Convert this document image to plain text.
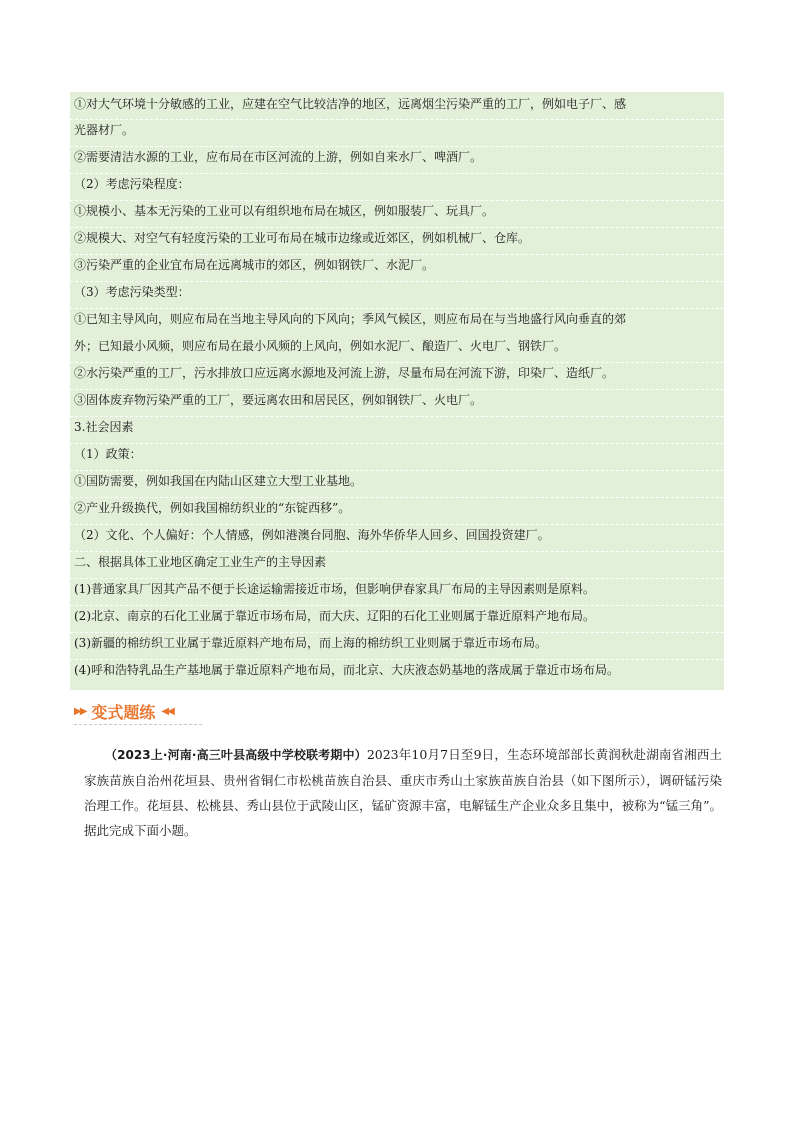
①对大气环境十分敏感的工业，应建在空气比较洁净的地区，远离烟尘污染严重的工厂，例如电子厂、感
光器材厂。
②需要清洁水源的工业，应布局在市区河流的上游，例如自来水厂、啤酒厂。
（2）考虑污染程度：
①规模小、基本无污染的工业可以有组织地布局在城区，例如服装厂、玩具厂。
②规模大、对空气有轻度污染的工业可布局在城市边缘或近郊区，例如机械厂、仓库。
③污染严重的企业宜布局在远离城市的郊区，例如钢铁厂、水泥厂。
（3）考虑污染类型：
①已知主导风向，则应布局在当地主导风向的下风向；季风气候区，则应布局在与当地盛行风向垂直的郊
外；已知最小风频，则应布局在最小风频的上风向，例如水泥厂、酿造厂、火电厂、钢铁厂。
②水污染严重的工厂，污水排放口应远离水源地及河流上游，尽量布局在河流下游，印染厂、造纸厂。
③固体废弃物污染严重的工厂，要远离农田和居民区，例如钢铁厂、火电厂。
3.社会因素
（1）政策：
①国防需要，例如我国在内陆山区建立大型工业基地。
②产业升级换代，例如我国棉纺织业的“东锭西移”。
（2）文化、个人偏好：个人情感，例如港澳台同胞、海外华侨华人回乡、回国投资建厂。
二、根据具体工业地区确定工业生产的主导因素
(1)普通家具厂因其产品不便于长途运输需接近市场，但影响伊春家具厂布局的主导因素则是原料。
(2)北京、南京的石化工业属于靠近市场布局，而大庆、辽阳的石化工业则属于靠近原料产地布局。
(3)新疆的棉纺织工业属于靠近原料产地布局，而上海的棉纺织工业则属于靠近市场布局。
(4)呼和浩特乳品生产基地属于靠近原料产地布局，而北京、大庆液态奶基地的落成属于靠近市场布局。
▶▶ 变式题练 ◀◀
（2023上·河南·高三叶县高级中学校联考期中）2023年10月7日至9日，生态环境部部长黄润秋赴湖南省湘西土家族苗族自治州花垣县、贵州省铜仁市松桃苗族自治县、重庆市秀山土家族苗族自治县（如下图所示），调研锰污染治理工作。花垣县、松桃县、秀山县位于武陵山区，锰矿资源丰富，电解锰生产企业众多且集中，被称为“锰三角”。据此完成下面小题。
